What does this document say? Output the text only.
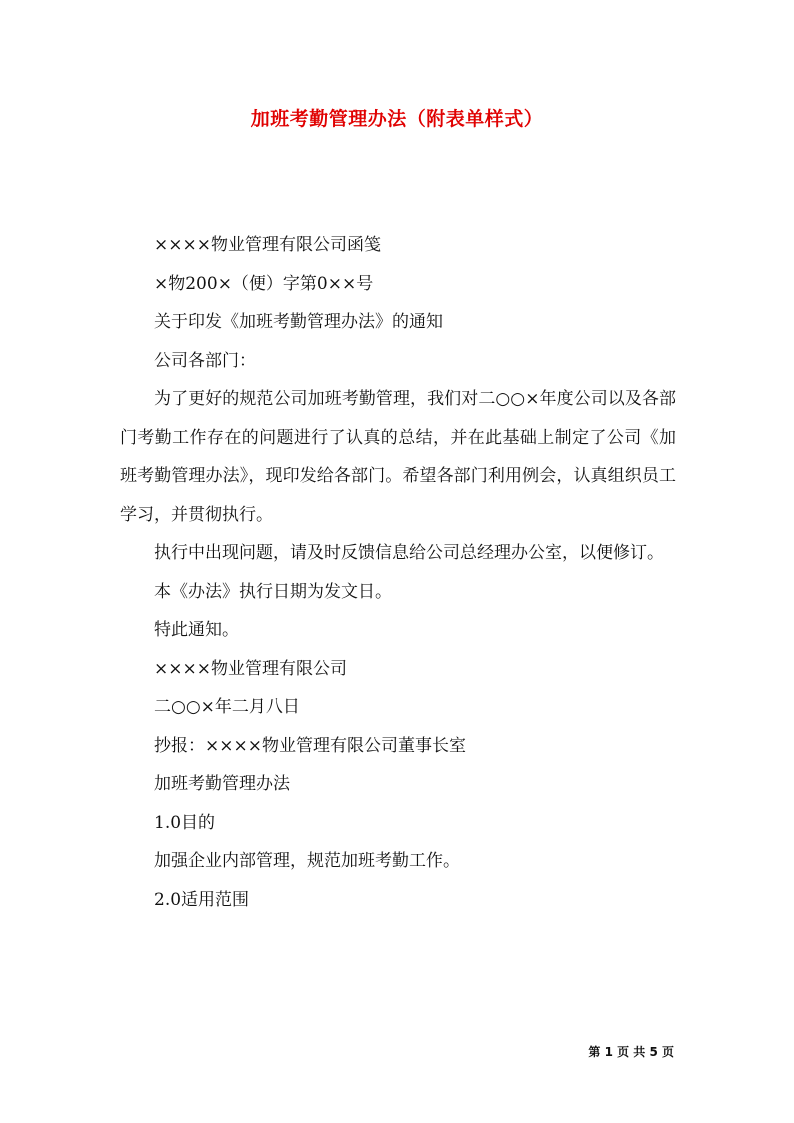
加班考勤管理办法（附表单样式）

××××物业管理有限公司函笺

×物200×（便）字第0××号

关于印发《加班考勤管理办法》的通知

公司各部门：

为了更好的规范公司加班考勤管理，我们对二○○×年度公司以及各部门考勤工作存在的问题进行了认真的总结，并在此基础上制定了公司《加班考勤管理办法》，现印发给各部门。希望各部门利用例会，认真组织员工学习，并贯彻执行。

执行中出现问题，请及时反馈信息给公司总经理办公室，以便修订。

本《办法》执行日期为发文日。

特此通知。

××××物业管理有限公司

二○○×年二月八日

抄报：××××物业管理有限公司董事长室

加班考勤管理办法

1.0目的

加强企业内部管理，规范加班考勤工作。

2.0适用范围

第 1 页 共 5 页
